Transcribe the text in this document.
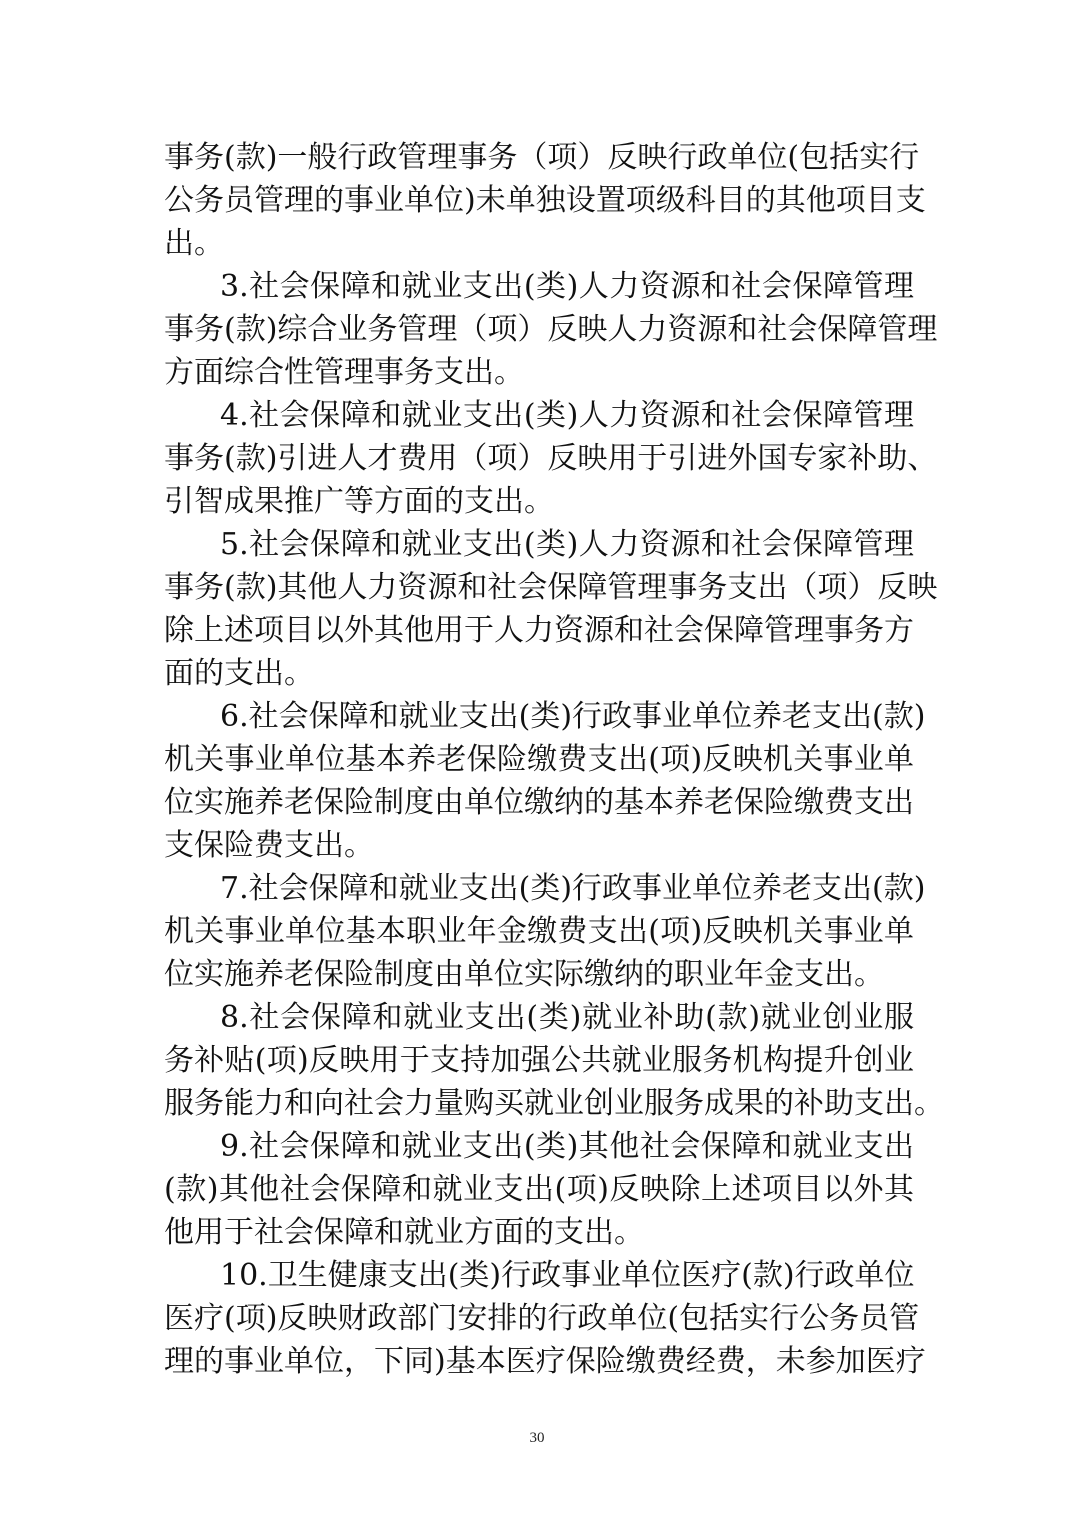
事务(款)一般行政管理事务（项）反映行政单位(包括实行
公务员管理的事业单位)未单独设置项级科目的其他项目支
出。
3.社会保障和就业支出(类)人力资源和社会保障管理
事务(款)综合业务管理（项）反映人力资源和社会保障管理
方面综合性管理事务支出。
4.社会保障和就业支出(类)人力资源和社会保障管理
事务(款)引进人才费用（项）反映用于引进外国专家补助、
引智成果推广等方面的支出。
5.社会保障和就业支出(类)人力资源和社会保障管理
事务(款)其他人力资源和社会保障管理事务支出（项）反映
除上述项目以外其他用于人力资源和社会保障管理事务方
面的支出。
6.社会保障和就业支出(类)行政事业单位养老支出(款)
机关事业单位基本养老保险缴费支出(项)反映机关事业单
位实施养老保险制度由单位缴纳的基本养老保险缴费支出
支保险费支出。
7.社会保障和就业支出(类)行政事业单位养老支出(款)
机关事业单位基本职业年金缴费支出(项)反映机关事业单
位实施养老保险制度由单位实际缴纳的职业年金支出。
8.社会保障和就业支出(类)就业补助(款)就业创业服
务补贴(项)反映用于支持加强公共就业服务机构提升创业
服务能力和向社会力量购买就业创业服务成果的补助支出。
9.社会保障和就业支出(类)其他社会保障和就业支出
(款)其他社会保障和就业支出(项)反映除上述项目以外其
他用于社会保障和就业方面的支出。
10.卫生健康支出(类)行政事业单位医疗(款)行政单位
医疗(项)反映财政部门安排的行政单位(包括实行公务员管
理的事业单位，下同)基本医疗保险缴费经费，未参加医疗
30
